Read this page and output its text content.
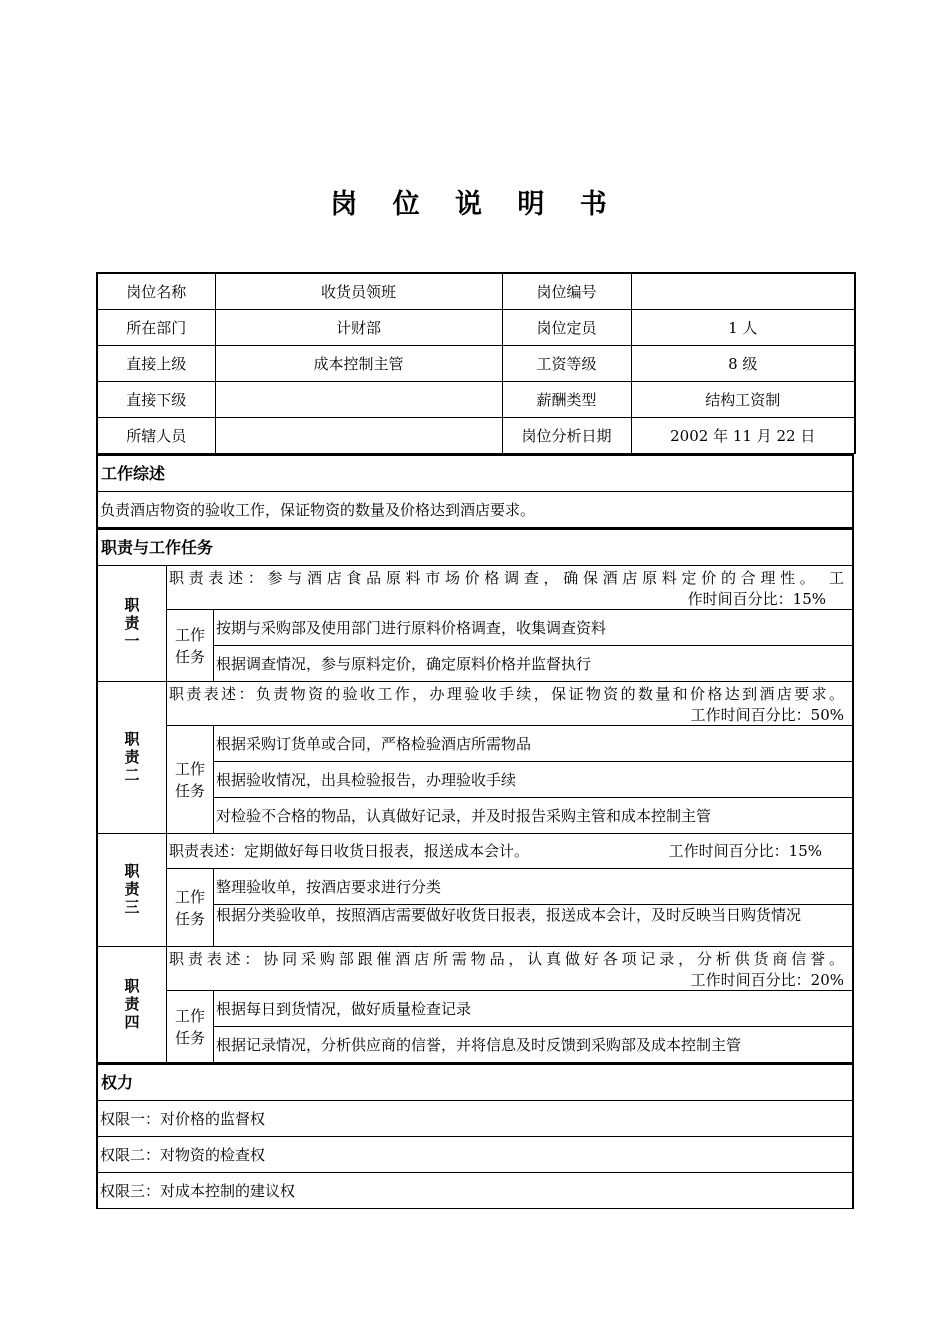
岗 位 说 明 书
岗位名称	收货员领班	岗位编号	
所在部门	计财部	岗位定员	1 人
直接上级	成本控制主管	工资等级	8 级
直接下级		薪酬类型	结构工资制
所辖人员		岗位分析日期	2002 年 11 月 22 日
工作综述
负责酒店物资的验收工作，保证物资的数量及价格达到酒店要求。
职责与工作任务
职责一
职责表述：参与酒店食品原料市场价格调查，确保酒店原料定价的合理性。 工
作时间百分比：15%
工作任务
按期与采购部及使用部门进行原料价格调查，收集调查资料
根据调查情况，参与原料定价，确定原料价格并监督执行
职责二
职责表述：负责物资的验收工作，办理验收手续，保证物资的数量和价格达到酒店要求。
工作时间百分比：50%
工作任务
根据采购订货单或合同，严格检验酒店所需物品
根据验收情况，出具检验报告，办理验收手续
对检验不合格的物品，认真做好记录，并及时报告采购主管和成本控制主管
职责三
职责表述：定期做好每日收货日报表，报送成本会计。	工作时间百分比：15%
工作任务
整理验收单，按酒店要求进行分类
根据分类验收单，按照酒店需要做好收货日报表，报送成本会计，及时反映当日购货情况
职责四
职责表述：协同采购部跟催酒店所需物品，认真做好各项记录，分析供货商信誉。
工作时间百分比：20%
工作任务
根据每日到货情况，做好质量检查记录
根据记录情况，分析供应商的信誉，并将信息及时反馈到采购部及成本控制主管
权力
权限一：对价格的监督权
权限二：对物资的检查权
权限三：对成本控制的建议权
